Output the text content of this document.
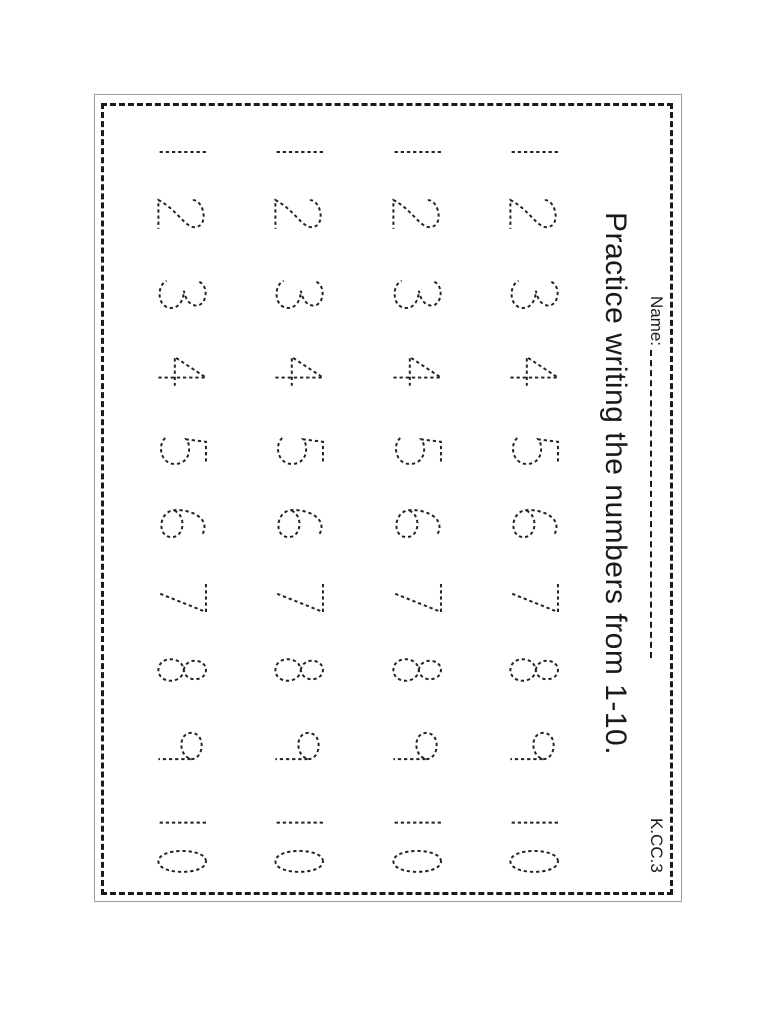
Practice writing the numbers from 1-10. Name:
K.CC.3
